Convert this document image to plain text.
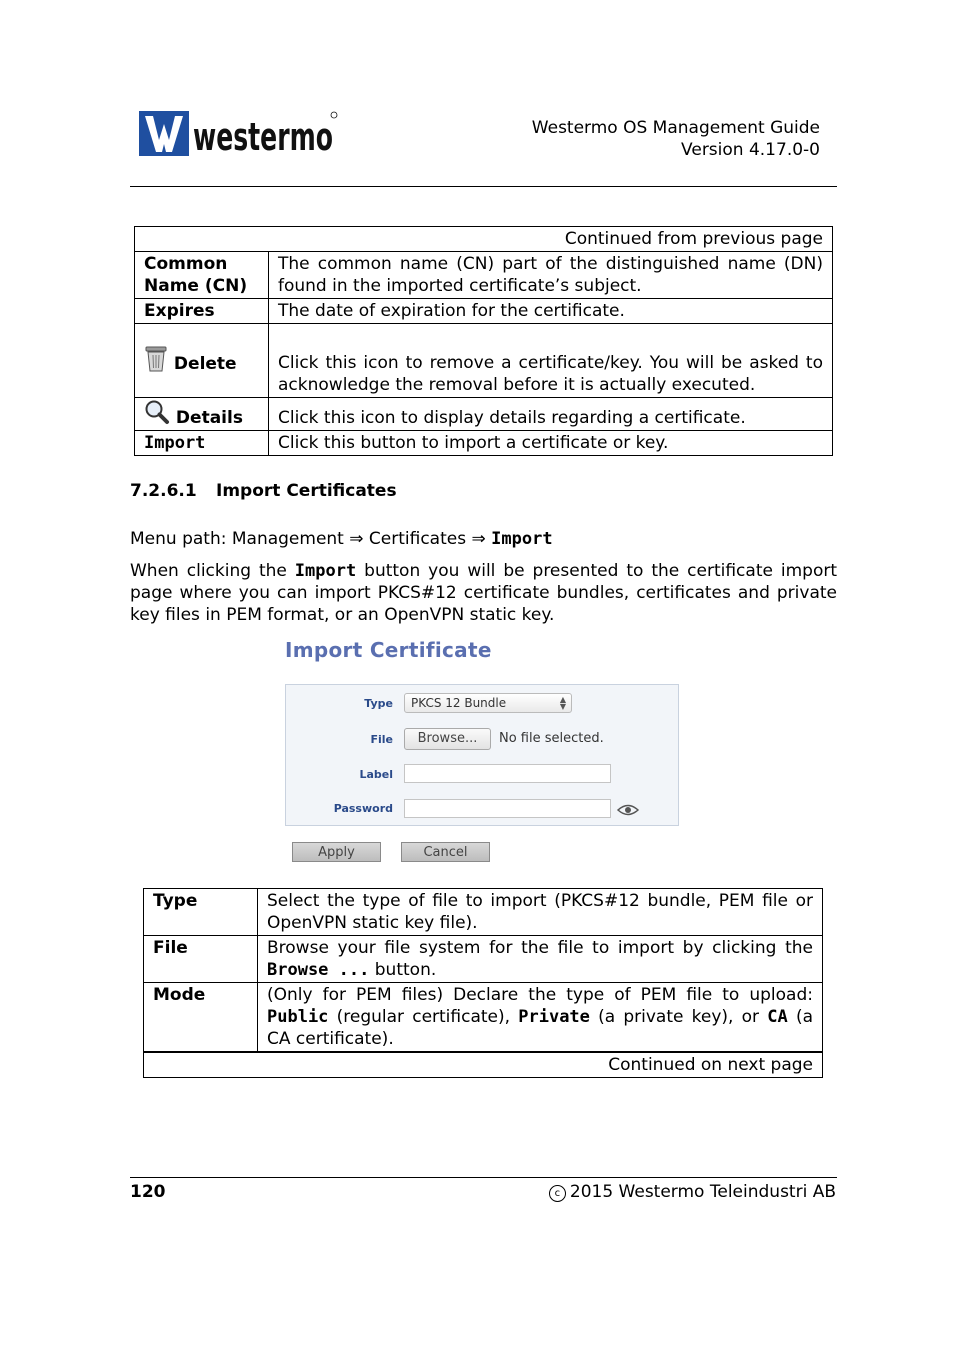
westermo	Westermo OS Management Guide
Version 4.17.0-0
Continued from previous page	
Common Name (CN)	The common name (CN) part of the distinguished name (DN) found in the imported certificate’s subject.
Expires	The date of expiration for the certificate.
Delete	Click this icon to remove a certificate/key. You will be asked to acknowledge the removal before it is actually executed.
Details	Click this icon to display details regarding a certificate.
Import	Click this button to import a certificate or key.
7.2.6.1 Import Certificates
Menu path: Management ⇒ Certificates ⇒ Import
When clicking the Import button you will be presented to the certificate import page where you can import PKCS#12 certificate bundles, certificates and private key files in PEM format, or an OpenVPN static key.
Import Certificate
Type	PKCS 12 Bundle	▲
▼
File	Browse...	No file selected.
Label
Password
Apply	Cancel
Type	Select the type of file to import (PKCS#12 bundle, PEM file or OpenVPN static key file).
File	Browse your file system for the file to import by clicking the Browse ... button.
Mode	(Only for PEM files) Declare the type of PEM file to upload: Public (regular certificate), Private (a private key), or CA (a CA certificate).
Continued on next page	
120	c 2015 Westermo Teleindustri AB
